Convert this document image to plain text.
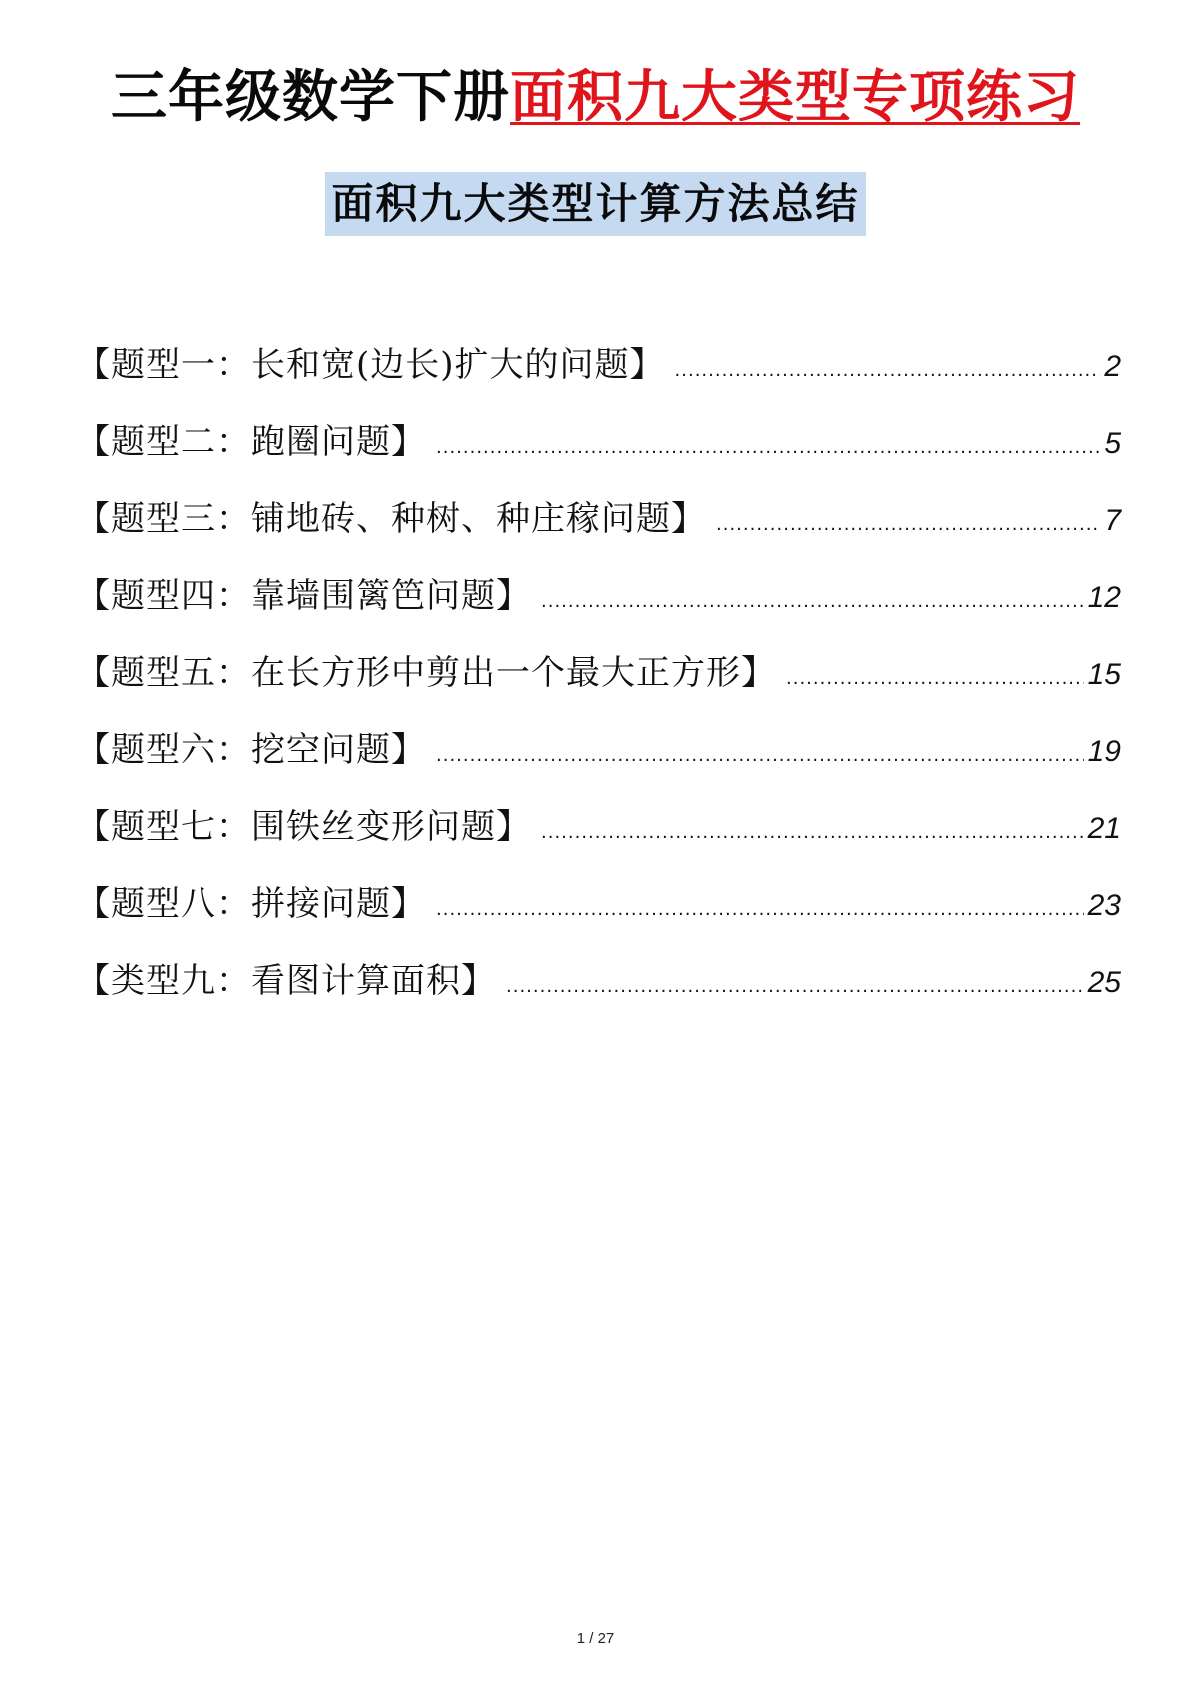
三年级数学下册面积九大类型专项练习
面积九大类型计算方法总结
【题型一：长和宽(边长)扩大的问题】 .....	2
【题型二：跑圈问题】 .....	5
【题型三：铺地砖、种树、种庄稼问题】 .....	7
【题型四：靠墙围篱笆问题】 .....	12
【题型五：在长方形中剪出一个最大正方形】 .....	15
【题型六：挖空问题】 .....	19
【题型七：围铁丝变形问题】 .....	21
【题型八：拼接问题】 .....	23
【类型九：看图计算面积】 .....	25
1 / 27
